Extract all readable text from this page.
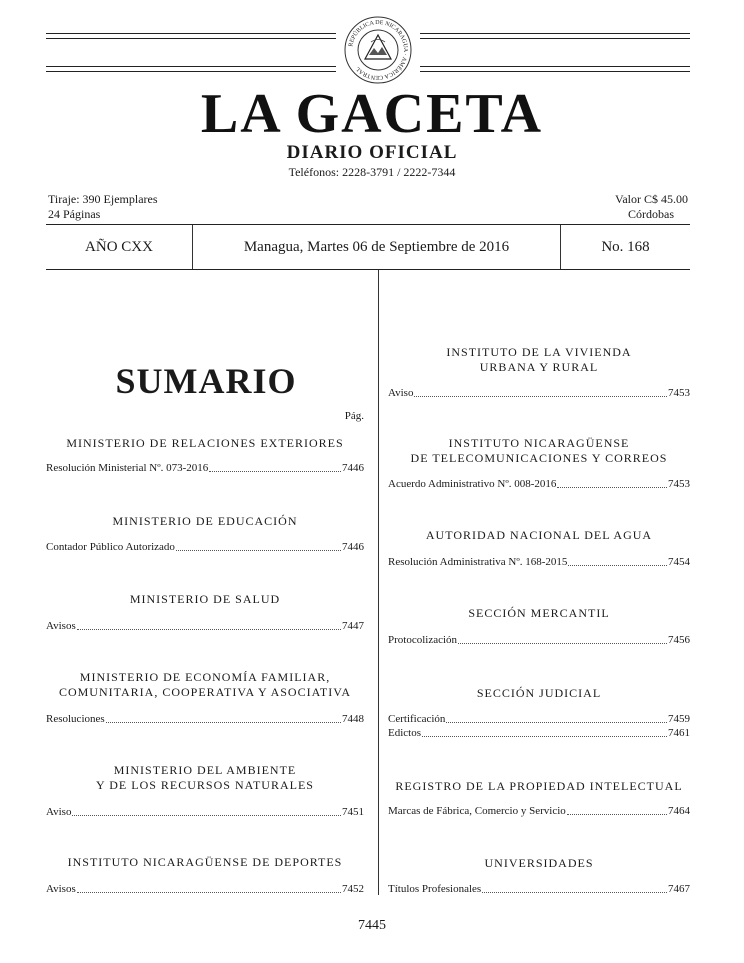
REPÚBLICA DE NICARAGUA · AMÉRICA CENTRAL
LA GACETA
DIARIO OFICIAL
Teléfonos: 2228-3791 / 2222-7344
Tiraje: 390 Ejemplares
24 Páginas
Valor C$ 45.00
Córdobas
AÑO CXX	Managua, Martes 06 de Septiembre de 2016	No. 168
SUMARIO
Pág.
MINISTERIO DE RELACIONES EXTERIORES
Resolución Ministerial Nº. 073-2016	7446
MINISTERIO DE EDUCACIÓN
Contador Público Autorizado	7446
MINISTERIO DE SALUD
Avisos	7447
MINISTERIO DE ECONOMÍA FAMILIAR,
COMUNITARIA, COOPERATIVA Y ASOCIATIVA
Resoluciones	7448
MINISTERIO DEL AMBIENTE
Y DE LOS RECURSOS NATURALES
Aviso	7451
INSTITUTO NICARAGÜENSE DE DEPORTES
Avisos	7452
INSTITUTO DE LA VIVIENDA
URBANA Y RURAL
Aviso	7453
INSTITUTO NICARAGÜENSE
DE TELECOMUNICACIONES Y CORREOS
Acuerdo Administrativo Nº. 008-2016	7453
AUTORIDAD NACIONAL DEL AGUA
Resolución Administrativa Nº. 168-2015	7454
SECCIÓN MERCANTIL
Protocolización	7456
SECCIÓN JUDICIAL
Certificación	7459
Edictos	7461
REGISTRO DE LA PROPIEDAD INTELECTUAL
Marcas de Fábrica, Comercio y Servicio	7464
UNIVERSIDADES
Títulos Profesionales	7467
7445
